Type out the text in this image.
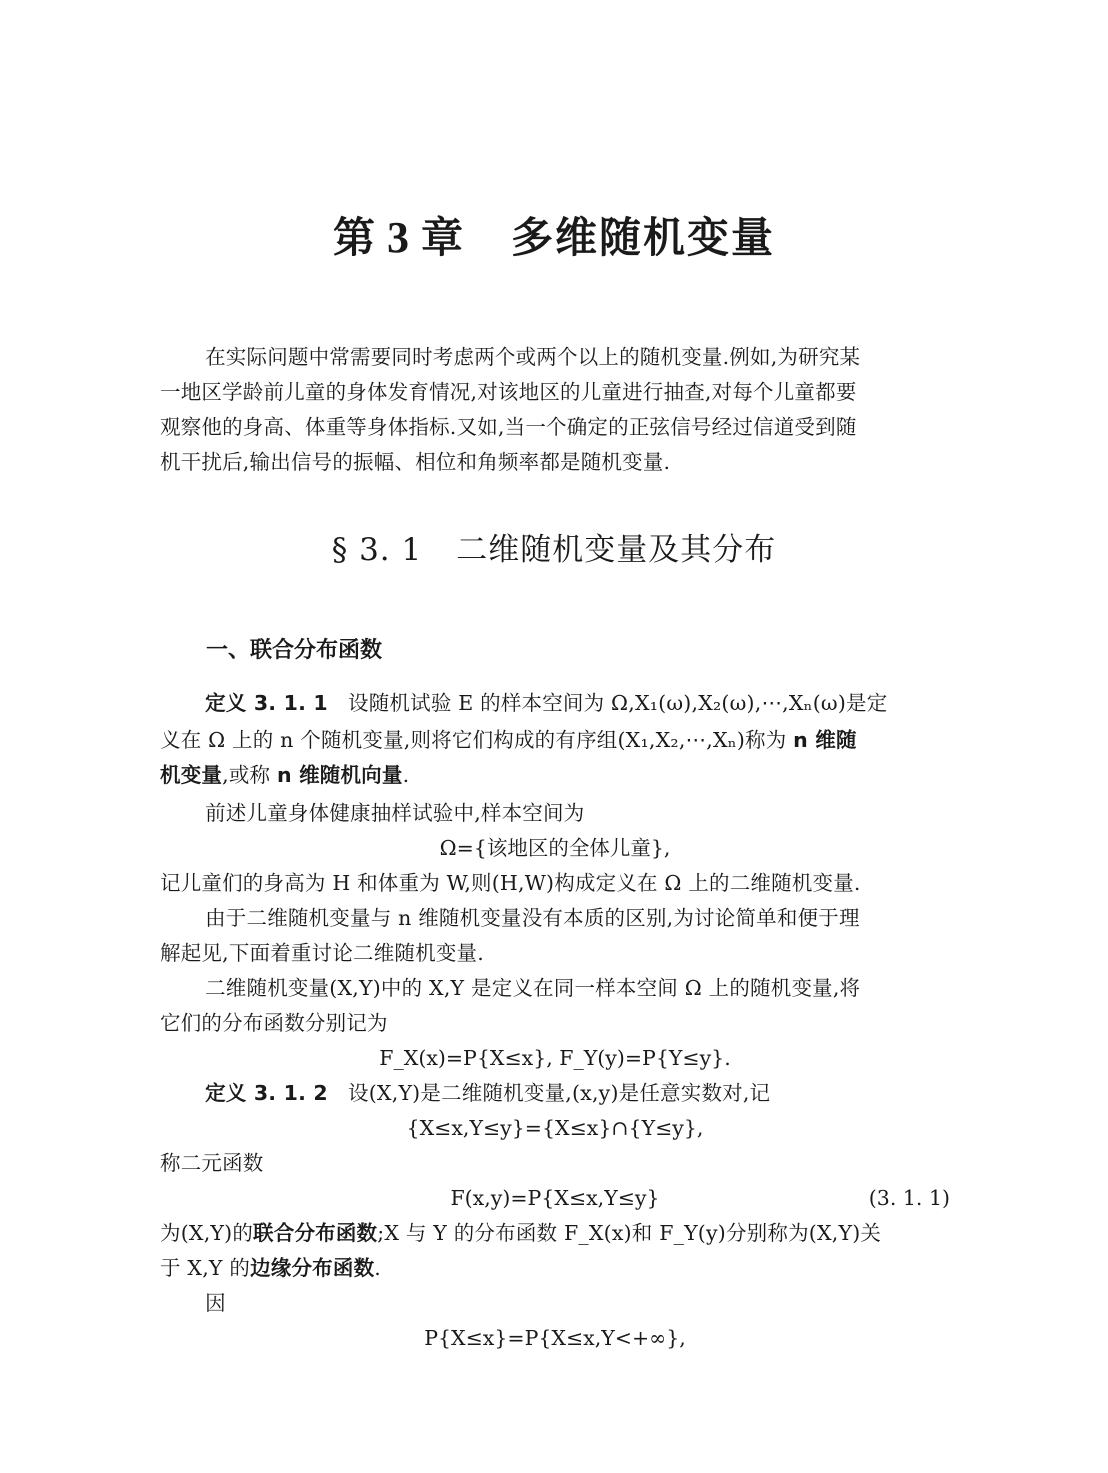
第 3 章 多维随机变量
在实际问题中常需要同时考虑两个或两个以上的随机变量.例如,为研究某
一地区学龄前儿童的身体发育情况,对该地区的儿童进行抽查,对每个儿童都要
观察他的身高、体重等身体指标.又如,当一个确定的正弦信号经过信道受到随
机干扰后,输出信号的振幅、相位和角频率都是随机变量.
§ 3. 1 二维随机变量及其分布
一、联合分布函数
定义 3. 1. 1 设随机试验 E 的样本空间为 Ω,X₁(ω),X₂(ω),⋯,Xₙ(ω)是定
义在 Ω 上的 n 个随机变量,则将它们构成的有序组(X₁,X₂,⋯,Xₙ)称为 n 维随
机变量,或称 n 维随机向量.
前述儿童身体健康抽样试验中,样本空间为
Ω={该地区的全体儿童},
记儿童们的身高为 H 和体重为 W,则(H,W)构成定义在 Ω 上的二维随机变量.
由于二维随机变量与 n 维随机变量没有本质的区别,为讨论简单和便于理
解起见,下面着重讨论二维随机变量.
二维随机变量(X,Y)中的 X,Y 是定义在同一样本空间 Ω 上的随机变量,将
它们的分布函数分别记为
F_X(x)=P{X≤x}, F_Y(y)=P{Y≤y}.
定义 3. 1. 2 设(X,Y)是二维随机变量,(x,y)是任意实数对,记
{X≤x,Y≤y}={X≤x}∩{Y≤y},
称二元函数
F(x,y)=P{X≤x,Y≤y}	(3. 1. 1)
为(X,Y)的联合分布函数;X 与 Y 的分布函数 F_X(x)和 F_Y(y)分别称为(X,Y)关
于 X,Y 的边缘分布函数.
因
P{X≤x}=P{X≤x,Y<+∞},
